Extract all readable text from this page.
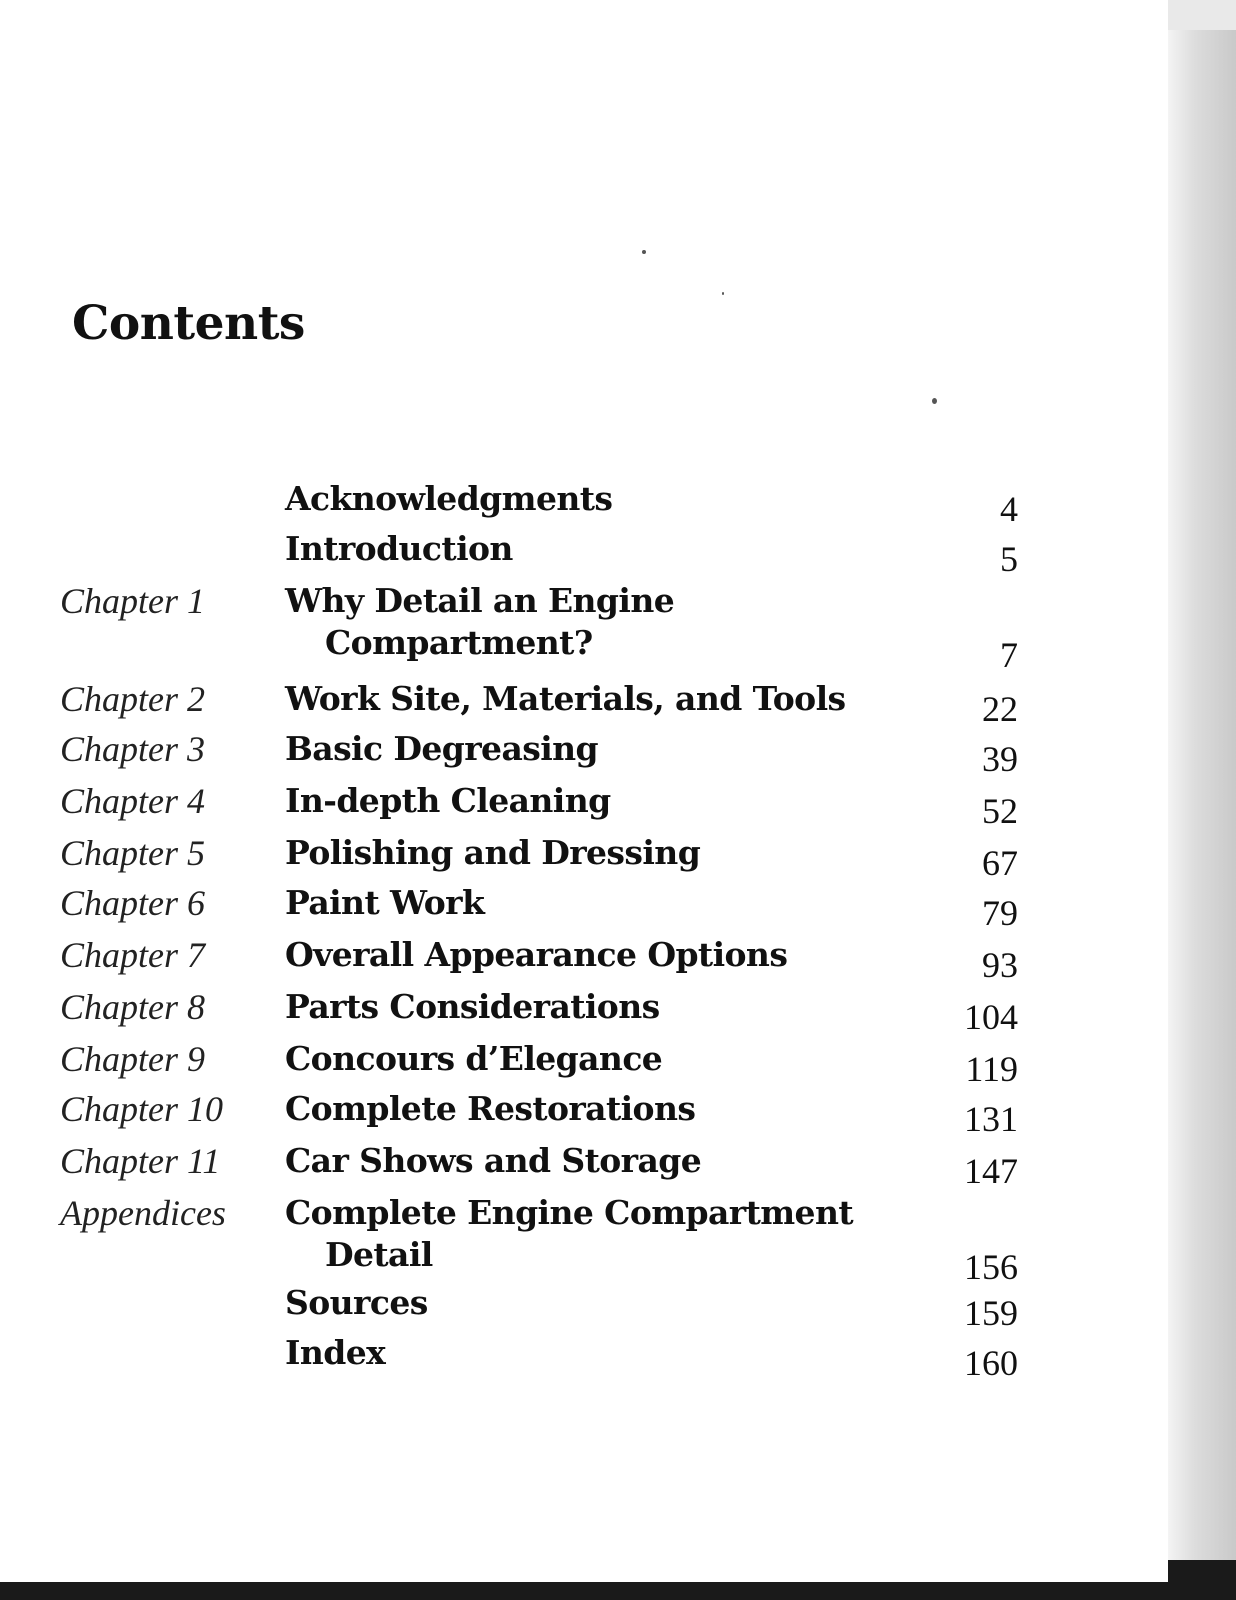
Contents
Acknowledgments	4
Introduction	5
Chapter 1 Why Detail an Engine
Compartment?	7
Chapter 2 Work Site, Materials, and Tools	22
Chapter 3 Basic Degreasing	39
Chapter 4 In-depth Cleaning	52
Chapter 5 Polishing and Dressing	67
Chapter 6 Paint Work	79
Chapter 7 Overall Appearance Options	93
Chapter 8 Parts Considerations	104
Chapter 9 Concours d’Elegance	119
Chapter 10 Complete Restorations	131
Chapter 11 Car Shows and Storage	147
Appendices Complete Engine Compartment
Detail	156
Sources	159
Index	160
